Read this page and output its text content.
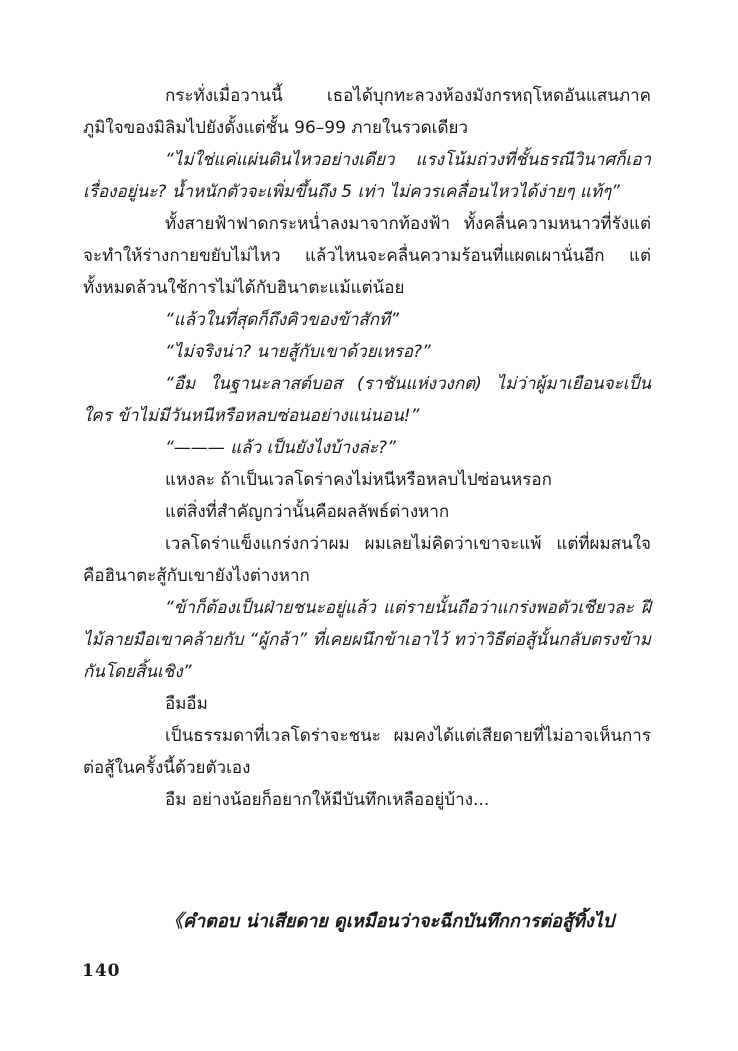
กระทั่งเมื่อวานนี้ เธอได้บุกทะลวงห้องมังกรหฤโหดอันแสนภาคภูมิใจของมิลิมไปยังดั้งแต่ชั้น 96–99 ภายในรวดเดียว

“ไม่ใช่แค่แผ่นดินไหวอย่างเดียว แรงโน้มถ่วงที่ชั้นธรณีวินาศก็เอาเรื่องอยู่นะ? น้ำหนักตัวจะเพิ่มขึ้นถึง 5 เท่า ไม่ควรเคลื่อนไหวได้ง่ายๆ แท้ๆ”

ทั้งสายฟ้าฟาดกระหน่ำลงมาจากท้องฟ้า ทั้งคลื่นความหนาวที่รังแต่จะทำให้ร่างกายขยับไม่ไหว แล้วไหนจะคลื่นความร้อนที่แผดเผานั่นอีก แต่ทั้งหมดล้วนใช้การไม่ได้กับฮินาตะแม้แต่น้อย

“แล้วในที่สุดก็ถึงคิวของข้าสักที”

“ไม่จริงน่า? นายสู้กับเขาด้วยเหรอ?”

“อืม ในฐานะลาสต์บอส (ราชันแห่งวงกต) ไม่ว่าผู้มาเยือนจะเป็นใคร ข้าไม่มีวันหนีหรือหลบซ่อนอย่างแน่นอน!”

“——— แล้ว เป็นยังไงบ้างล่ะ?”

แหงละ ถ้าเป็นเวลโดร่าคงไม่หนีหรือหลบไปซ่อนหรอก

แต่สิ่งที่สำคัญกว่านั้นคือผลลัพธ์ต่างหาก

เวลโดร่าแข็งแกร่งกว่าผม ผมเลยไม่คิดว่าเขาจะแพ้ แต่ที่ผมสนใจคือฮินาตะสู้กับเขายังไงต่างหาก

“ข้าก็ต้องเป็นฝ่ายชนะอยู่แล้ว แต่รายนั้นถือว่าแกร่งพอตัวเชียวละ ฝีไม้ลายมือเขาคล้ายกับ “ผู้กล้า” ที่เคยผนึกข้าเอาไว้ ทว่าวิธีต่อสู้นั้นกลับตรงข้ามกันโดยสิ้นเชิง”

อืมอืม

เป็นธรรมดาที่เวลโดร่าจะชนะ ผมคงได้แต่เสียดายที่ไม่อาจเห็นการต่อสู้ในครั้งนี้ด้วยตัวเอง

อืม อย่างน้อยก็อยากให้มีบันทึกเหลืออยู่บ้าง...

《คำตอบ น่าเสียดาย ดูเหมือนว่าจะฉีกบันทึกการต่อสู้ทิ้งไป
140
